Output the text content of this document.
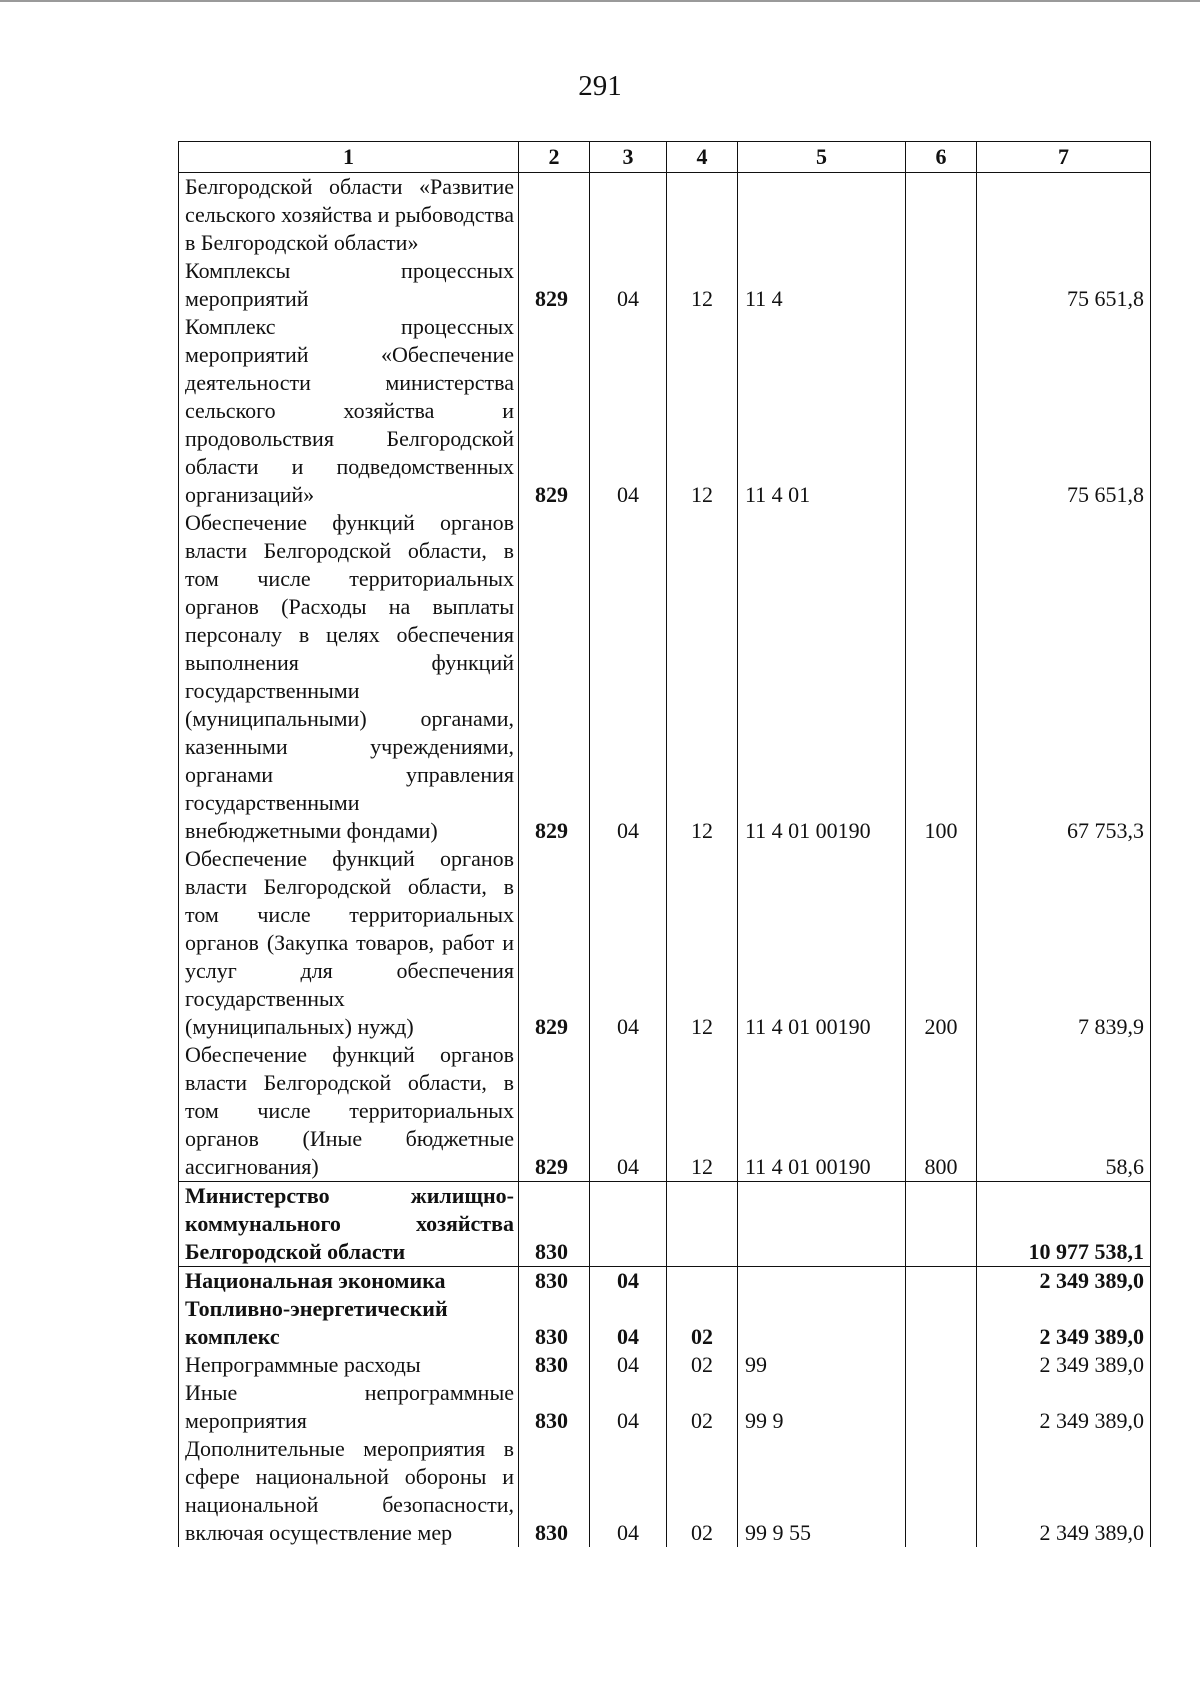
291
1	2	3	4	5	6	7
Белгородской области «Развитие сельского хозяйства и рыбоводства в Белгородской области»						
Комплексы процессных мероприятий	829	04	12	11 4		75 651,8
Комплекс процессных мероприятий «Обеспечение деятельности министерства сельского хозяйства и продовольствия Белгородской области и подведомственных организаций»	829	04	12	11 4 01		75 651,8
Обеспечение функций органов власти Белгородской области, в том числе территориальных органов (Расходы на выплаты персоналу в целях обеспечения выполнения функций государственными (муниципальными) органами, казенными учреждениями, органами управления государственными внебюджетными фондами)	829	04	12	11 4 01 00190	100	67 753,3
Обеспечение функций органов власти Белгородской области, в том числе территориальных органов (Закупка товаров, работ и услуг для обеспечения государственных (муниципальных) нужд)	829	04	12	11 4 01 00190	200	7 839,9
Обеспечение функций органов власти Белгородской области, в том числе территориальных органов (Иные бюджетные ассигнования)	829	04	12	11 4 01 00190	800	58,6
Министерство жилищно-коммунального хозяйства Белгородской области	830					10 977 538,1
Национальная экономика	830	04				2 349 389,0
Топливно-энергетический комплекс	830	04	02			2 349 389,0
Непрограммные расходы	830	04	02	99		2 349 389,0
Иные непрограммные мероприятия	830	04	02	99 9		2 349 389,0
Дополнительные мероприятия в сфере национальной обороны и национальной безопасности, включая осуществление мер	830	04	02	99 9 55		2 349 389,0
